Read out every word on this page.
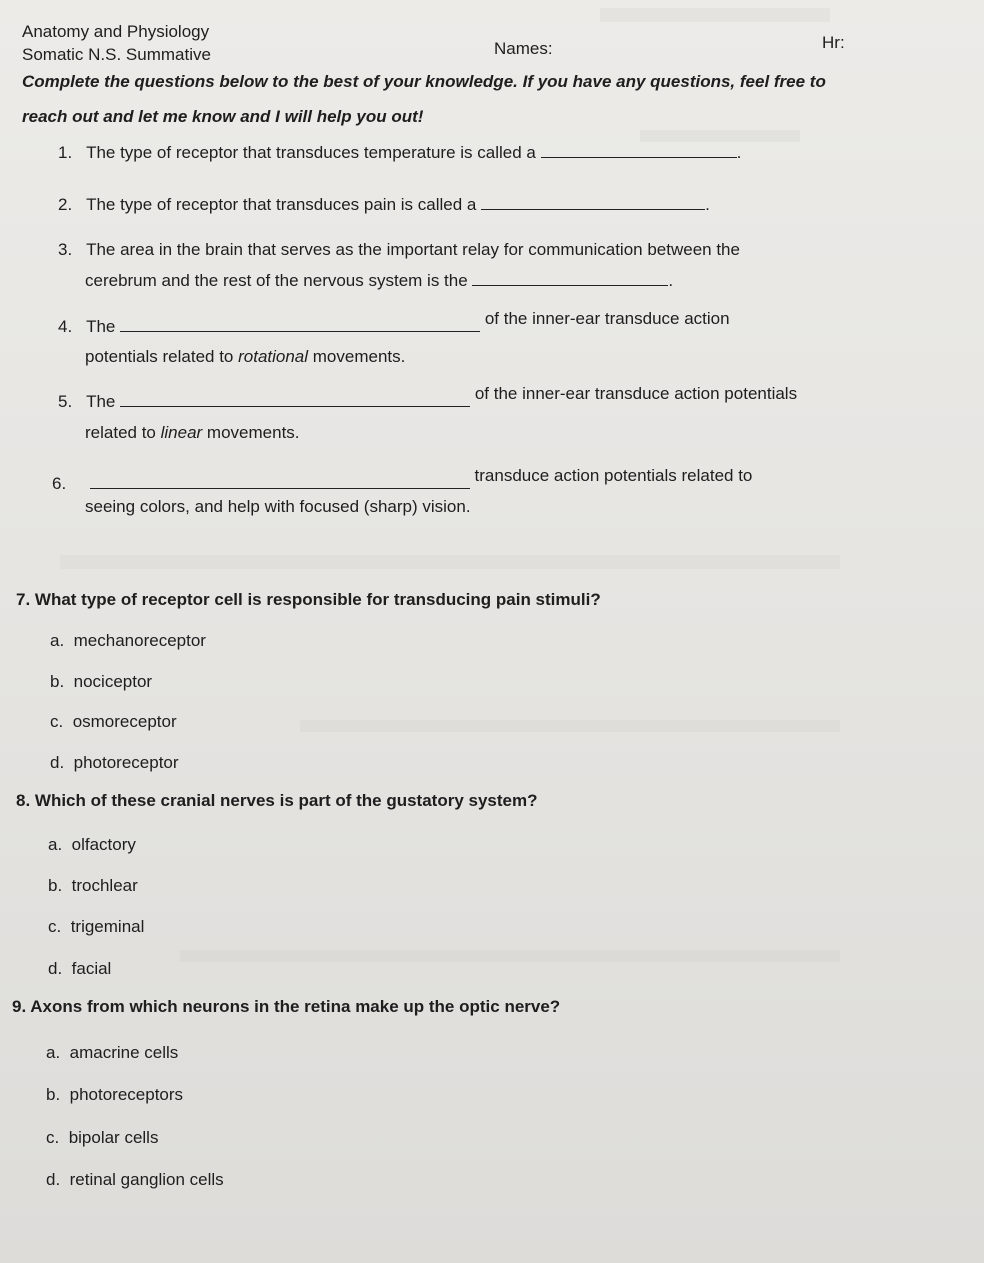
Anatomy and Physiology
Somatic N.S. Summative	Names:	Hr:
Complete the questions below to the best of your knowledge. If you have any questions, feel free to
reach out and let me know and I will help you out!
1. The type of receptor that transduces temperature is called a	.
2. The type of receptor that transduces pain is called a	.
3. The area in the brain that serves as the important relay for communication between the
cerebrum and the rest of the nervous system is the	.
4. The	of the inner-ear transduce action
potentials related to rotational movements.
5. The	of the inner-ear transduce action potentials
related to linear movements.
6.	transduce action potentials related to
seeing colors, and help with focused (sharp) vision.
7. What type of receptor cell is responsible for transducing pain stimuli?
a. mechanoreceptor
b. nociceptor
c. osmoreceptor
d. photoreceptor
8. Which of these cranial nerves is part of the gustatory system?
a. olfactory
b. trochlear
c. trigeminal
d. facial
9. Axons from which neurons in the retina make up the optic nerve?
a. amacrine cells
b. photoreceptors
c. bipolar cells
d. retinal ganglion cells
